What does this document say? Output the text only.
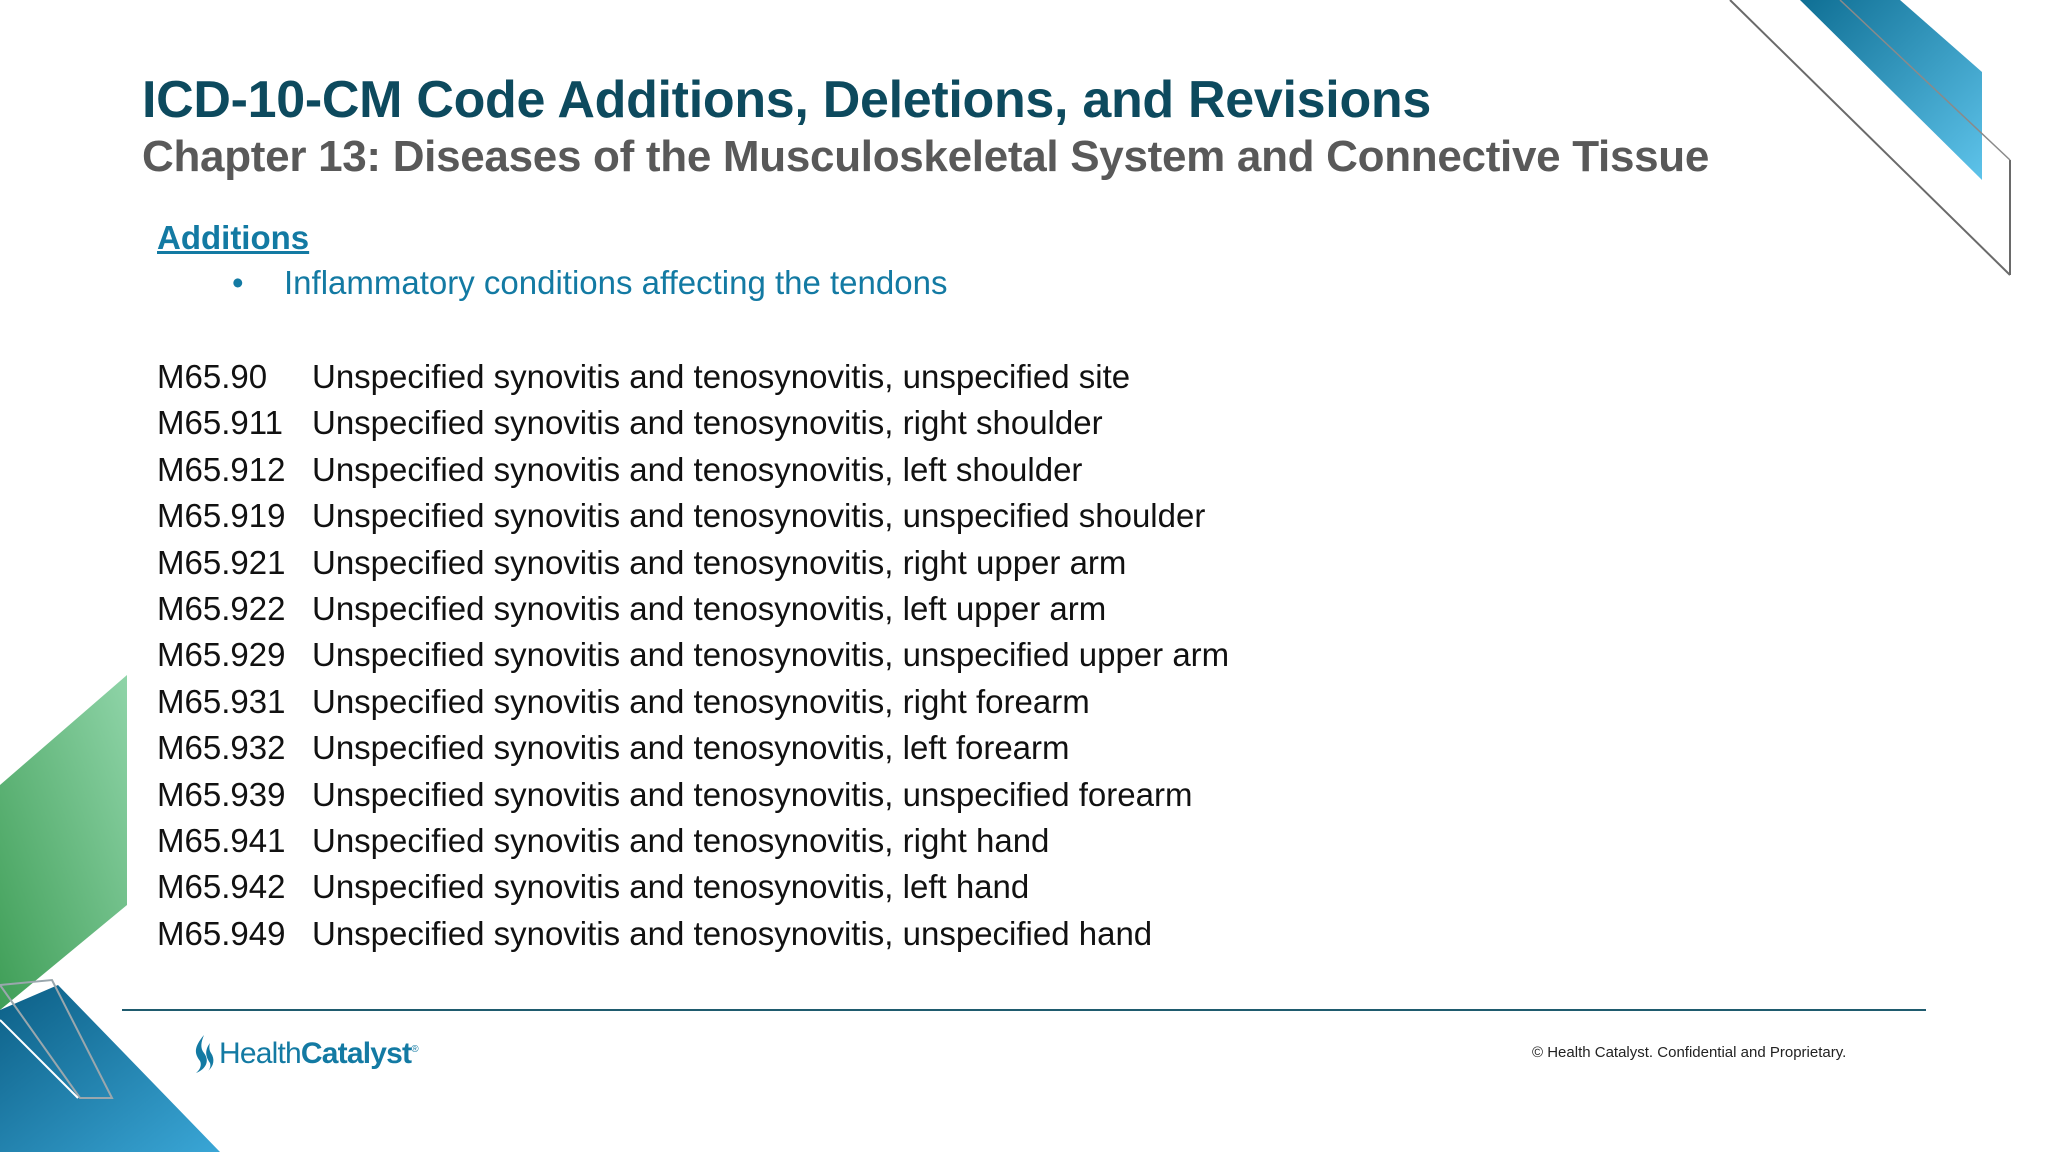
ICD-10-CM Code Additions, Deletions, and Revisions
Chapter 13: Diseases of the Musculoskeletal System and Connective Tissue
Additions
• Inflammatory conditions affecting the tendons
M65.90 Unspecified synovitis and tenosynovitis, unspecified site
M65.911 Unspecified synovitis and tenosynovitis, right shoulder
M65.912 Unspecified synovitis and tenosynovitis, left shoulder
M65.919 Unspecified synovitis and tenosynovitis, unspecified shoulder
M65.921 Unspecified synovitis and tenosynovitis, right upper arm
M65.922 Unspecified synovitis and tenosynovitis, left upper arm
M65.929 Unspecified synovitis and tenosynovitis, unspecified upper arm
M65.931 Unspecified synovitis and tenosynovitis, right forearm
M65.932 Unspecified synovitis and tenosynovitis, left forearm
M65.939 Unspecified synovitis and tenosynovitis, unspecified forearm
M65.941 Unspecified synovitis and tenosynovitis, right hand
M65.942 Unspecified synovitis and tenosynovitis, left hand
M65.949 Unspecified synovitis and tenosynovitis, unspecified hand
HealthCatalyst®	© Health Catalyst. Confidential and Proprietary.
